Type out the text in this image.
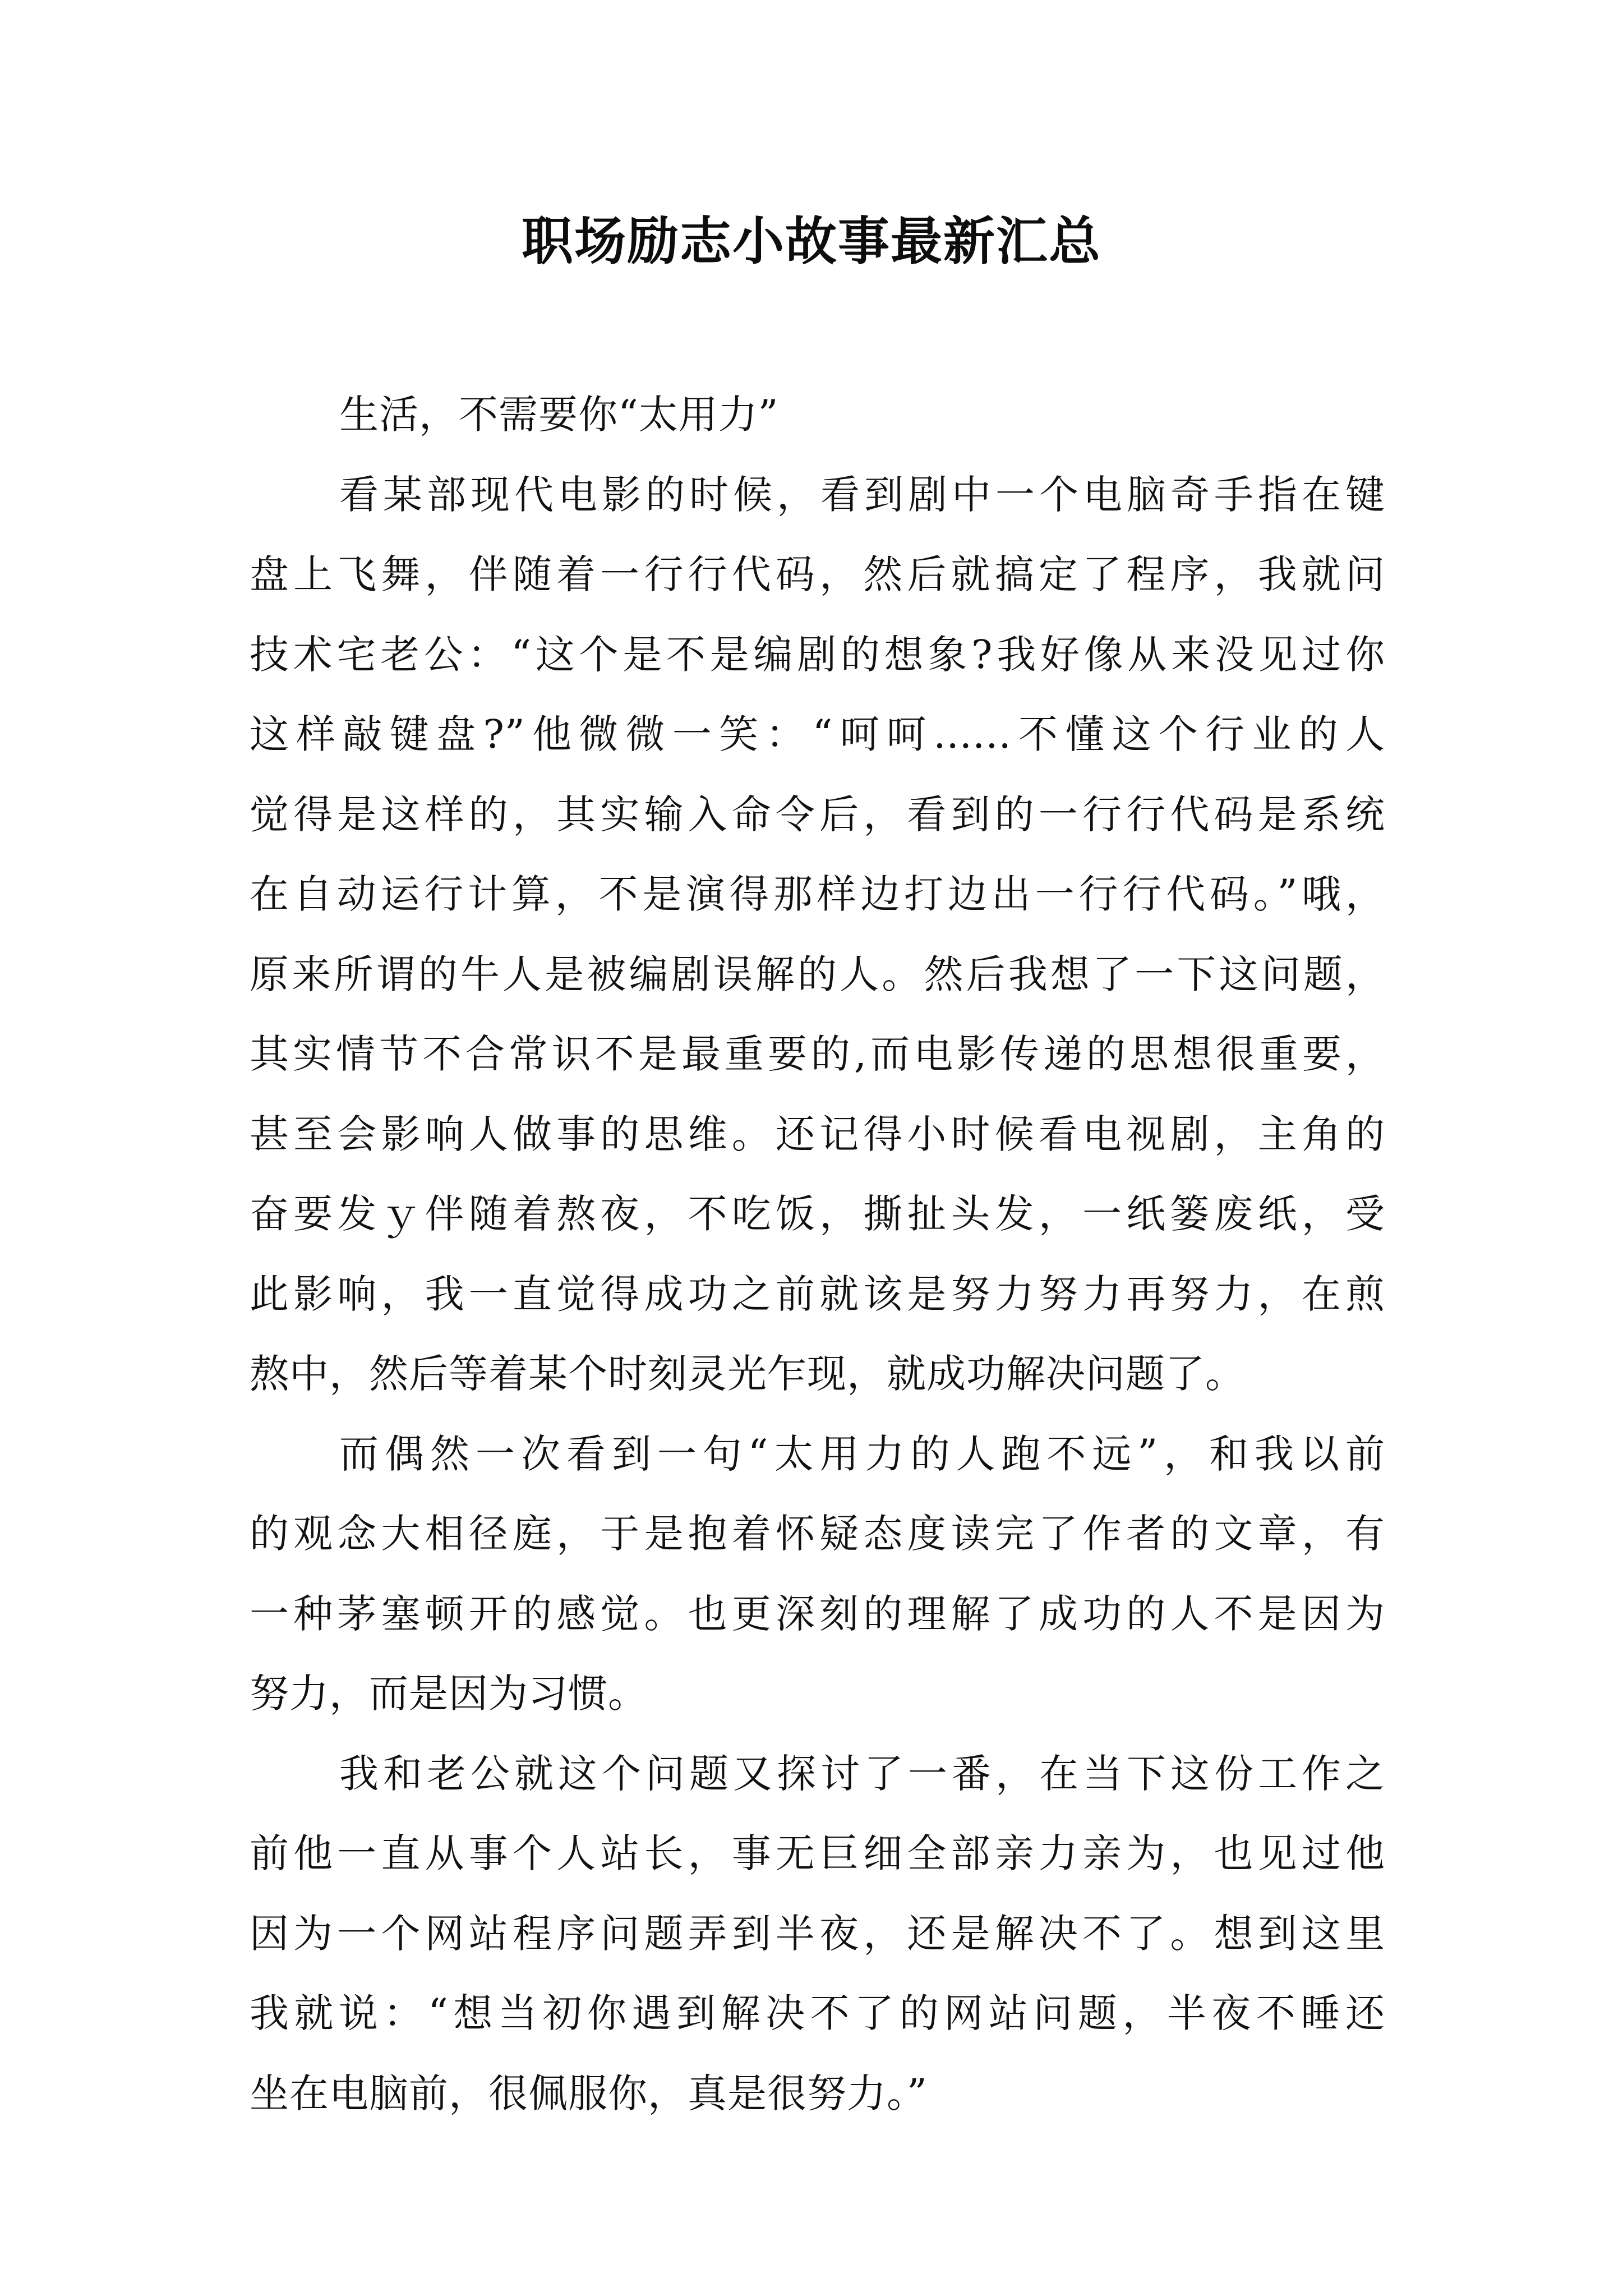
职场励志小故事最新汇总
生活，不需要你“太用力”
看某部现代电影的时候，看到剧中一个电脑奇手指在键
盘上飞舞，伴随着一行行代码，然后就搞定了程序，我就问
技术宅老公：“这个是不是编剧的想象?我好像从来没见过你
这样敲键盘?”他微微一笑：“呵呵......不懂这个行业的人
觉得是这样的，其实输入命令后，看到的一行行代码是系统
在自动运行计算，不是演得那样边打边出一行行代码。”哦，
原来所谓的牛人是被编剧误解的人。然后我想了一下这问题，
其实情节不合常识不是最重要的,而电影传递的思想很重要，
甚至会影响人做事的思维。还记得小时候看电视剧，主角的
奋要发ｙ伴随着熬夜，不吃饭，撕扯头发，一纸篓废纸，受
此影响，我一直觉得成功之前就该是努力努力再努力，在煎
熬中，然后等着某个时刻灵光乍现，就成功解决问题了。
而偶然一次看到一句“太用力的人跑不远”，和我以前
的观念大相径庭，于是抱着怀疑态度读完了作者的文章，有
一种茅塞顿开的感觉。也更深刻的理解了成功的人不是因为
努力，而是因为习惯。
我和老公就这个问题又探讨了一番，在当下这份工作之
前他一直从事个人站长，事无巨细全部亲力亲为，也见过他
因为一个网站程序问题弄到半夜，还是解决不了。想到这里
我就说：“想当初你遇到解决不了的网站问题，半夜不睡还
坐在电脑前，很佩服你，真是很努力。”
